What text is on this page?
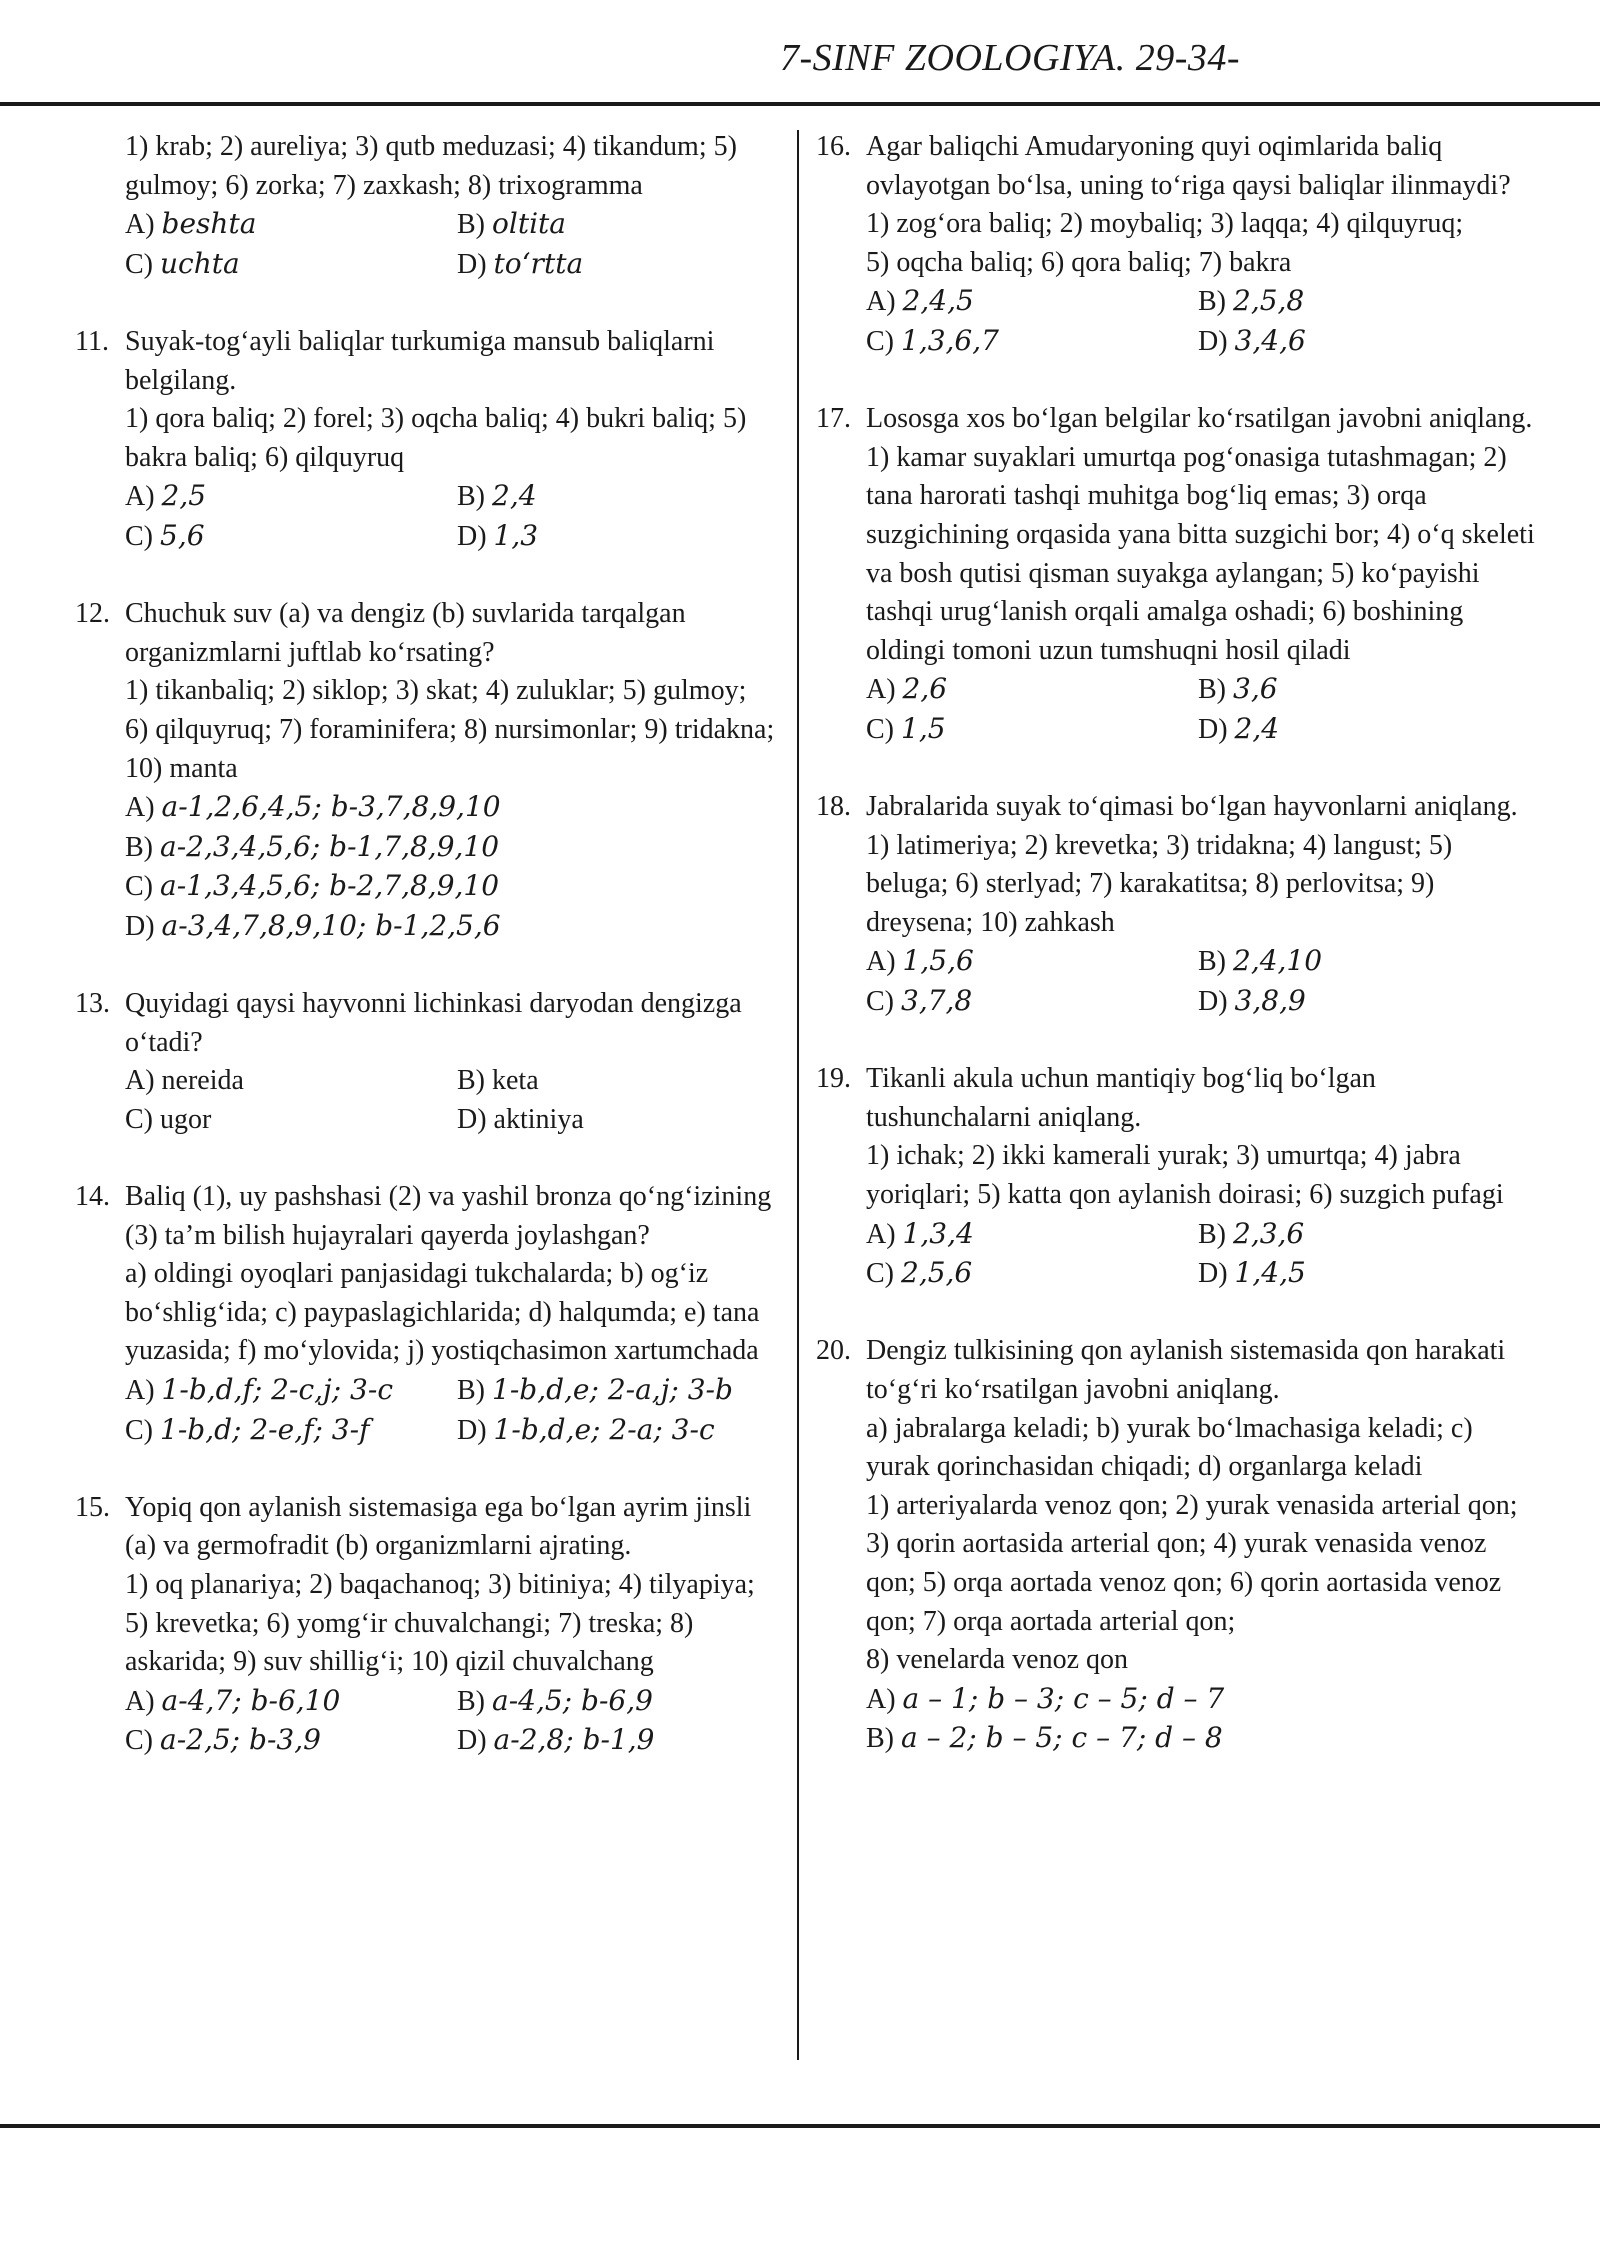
7-SINF ZOOLOGIYA. 29-34-
1) krab; 2) aureliya; 3) qutb meduzasi; 4) tikandum; 5) gulmoy; 6) zorka; 7) zaxkash; 8) trixogramma
A) beshta	B) oltita
C) uchta	D) to‘rtta
11. Suyak-tog‘ayli baliqlar turkumiga mansub baliqlarni belgilang.
1) qora baliq; 2) forel; 3) oqcha baliq; 4) bukri baliq; 5) bakra baliq; 6) qilquyruq
A) 2,5	B) 2,4
C) 5,6	D) 1,3
12. Chuchuk suv (a) va dengiz (b) suvlarida tarqalgan organizmlarni juftlab ko‘rsating?
1) tikanbaliq; 2) siklop; 3) skat; 4) zuluklar; 5) gulmoy; 6) qilquyruq; 7) foraminifera; 8) nursimonlar; 9) tridakna; 10) manta
A) a-1,2,6,4,5; b-3,7,8,9,10
B) a-2,3,4,5,6; b-1,7,8,9,10
C) a-1,3,4,5,6; b-2,7,8,9,10
D) a-3,4,7,8,9,10; b-1,2,5,6
13. Quyidagi qaysi hayvonni lichinkasi daryodan dengizga o‘tadi?
A) nereida	B) keta
C) ugor	D) aktiniya
14. Baliq (1), uy pashshasi (2) va yashil bronza qo‘ng‘izining (3) ta’m bilish hujayralari qayerda joylashgan?
a) oldingi oyoqlari panjasidagi tukchalarda; b) og‘iz bo‘shlig‘ida; c) paypaslagichlarida; d) halqumda; e) tana yuzasida; f) mo‘ylovida; j) yostiqchasimon xartumchada
A) 1-b,d,f; 2-c,j; 3-c	B) 1-b,d,e; 2-a,j; 3-b
C) 1-b,d; 2-e,f; 3-f	D) 1-b,d,e; 2-a; 3-c
15. Yopiq qon aylanish sistemasiga ega bo‘lgan ayrim jinsli (a) va germofradit (b) organizmlarni ajrating.
1) oq planariya; 2) baqachanoq; 3) bitiniya; 4) tilyapiya; 5) krevetka; 6) yomg‘ir chuvalchangi; 7) treska; 8) askarida; 9) suv shillig‘i; 10) qizil chuvalchang
A) a-4,7; b-6,10	B) a-4,5; b-6,9
C) a-2,5; b-3,9	D) a-2,8; b-1,9
16. Agar baliqchi Amudaryoning quyi oqimlarida baliq ovlayotgan bo‘lsa, uning to‘riga qaysi baliqlar ilinmaydi?
1) zog‘ora baliq; 2) moybaliq; 3) laqqa; 4) qilquyruq;
5) oqcha baliq; 6) qora baliq; 7) bakra
A) 2,4,5	B) 2,5,8
C) 1,3,6,7	D) 3,4,6
17. Lososga xos bo‘lgan belgilar ko‘rsatilgan javobni aniqlang.
1) kamar suyaklari umurtqa pog‘onasiga tutashmagan; 2) tana harorati tashqi muhitga bog‘liq emas; 3) orqa suzgichining orqasida yana bitta suzgichi bor; 4) o‘q skeleti va bosh qutisi qisman suyakga aylangan; 5) ko‘payishi tashqi urug‘lanish orqali amalga oshadi; 6) boshining oldingi tomoni uzun tumshuqni hosil qiladi
A) 2,6	B) 3,6
C) 1,5	D) 2,4
18. Jabralarida suyak to‘qimasi bo‘lgan hayvonlarni aniqlang.
1) latimeriya; 2) krevetka; 3) tridakna; 4) langust; 5) beluga; 6) sterlyad; 7) karakatitsa; 8) perlovitsa; 9) dreysena; 10) zahkash
A) 1,5,6	B) 2,4,10
C) 3,7,8	D) 3,8,9
19. Tikanli akula uchun mantiqiy bog‘liq bo‘lgan tushunchalarni aniqlang.
1) ichak; 2) ikki kamerali yurak; 3) umurtqa; 4) jabra yoriqlari; 5) katta qon aylanish doirasi; 6) suzgich pufagi
A) 1,3,4	B) 2,3,6
C) 2,5,6	D) 1,4,5
20. Dengiz tulkisining qon aylanish sistemasida qon harakati to‘g‘ri ko‘rsatilgan javobni aniqlang.
a) jabralarga keladi; b) yurak bo‘lmachasiga keladi; c) yurak qorinchasidan chiqadi; d) organlarga keladi
1) arteriyalarda venoz qon; 2) yurak venasida arterial qon; 3) qorin aortasida arterial qon; 4) yurak venasida venoz qon; 5) orqa aortada venoz qon; 6) qorin aortasida venoz qon; 7) orqa aortada arterial qon;
8) venelarda venoz qon
A) a – 1; b – 3; c – 5; d – 7
B) a – 2; b – 5; c – 7; d – 8
